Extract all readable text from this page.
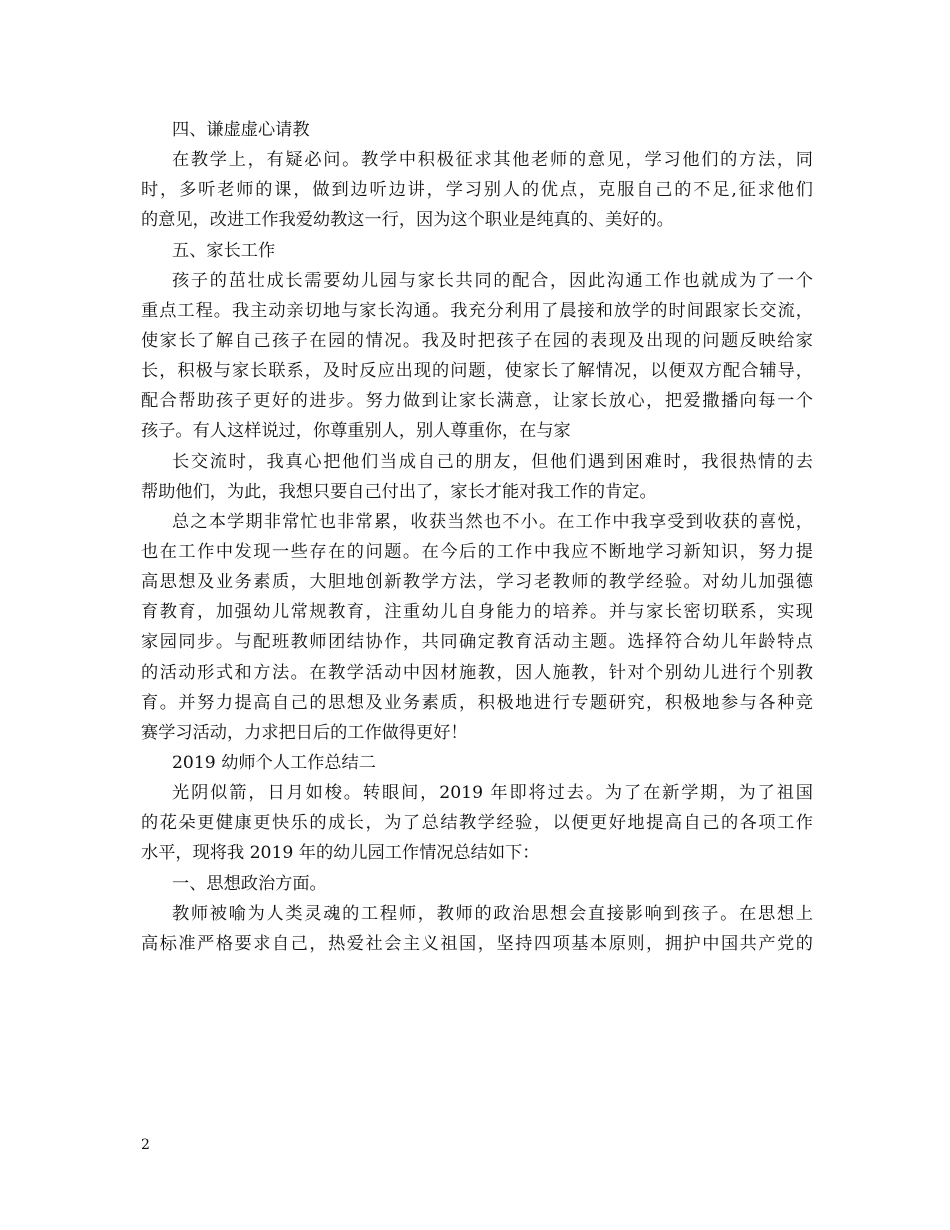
四、谦虚虚心请教
在教学上，有疑必问。教学中积极征求其他老师的意见，学习他们的方法，同
时，多听老师的课，做到边听边讲，学习别人的优点，克服自己的不足,征求他们
的意见，改进工作我爱幼教这一行，因为这个职业是纯真的、美好的。
五、家长工作
孩子的茁壮成长需要幼儿园与家长共同的配合，因此沟通工作也就成为了一个
重点工程。我主动亲切地与家长沟通。我充分利用了晨接和放学的时间跟家长交流，
使家长了解自己孩子在园的情况。我及时把孩子在园的表现及出现的问题反映给家
长，积极与家长联系，及时反应出现的问题，使家长了解情况，以便双方配合辅导，
配合帮助孩子更好的进步。努力做到让家长满意，让家长放心，把爱撒播向每一个
孩子。有人这样说过，你尊重别人，别人尊重你，在与家
长交流时，我真心把他们当成自己的朋友，但他们遇到困难时，我很热情的去
帮助他们，为此，我想只要自己付出了，家长才能对我工作的肯定。
总之本学期非常忙也非常累，收获当然也不小。在工作中我享受到收获的喜悦，
也在工作中发现一些存在的问题。在今后的工作中我应不断地学习新知识，努力提
高思想及业务素质，大胆地创新教学方法，学习老教师的教学经验。对幼儿加强德
育教育，加强幼儿常规教育，注重幼儿自身能力的培养。并与家长密切联系，实现
家园同步。与配班教师团结协作，共同确定教育活动主题。选择符合幼儿年龄特点
的活动形式和方法。在教学活动中因材施教，因人施教，针对个别幼儿进行个别教
育。并努力提高自己的思想及业务素质，积极地进行专题研究，积极地参与各种竞
赛学习活动，力求把日后的工作做得更好！
2019 幼师个人工作总结二
光阴似箭，日月如梭。转眼间，2019 年即将过去。为了在新学期，为了祖国
的花朵更健康更快乐的成长，为了总结教学经验，以便更好地提高自己的各项工作
水平，现将我 2019 年的幼儿园工作情况总结如下：
一、思想政治方面。
教师被喻为人类灵魂的工程师，教师的政治思想会直接影响到孩子。在思想上
高标准严格要求自己，热爱社会主义祖国，坚持四项基本原则，拥护中国共产党的
2
